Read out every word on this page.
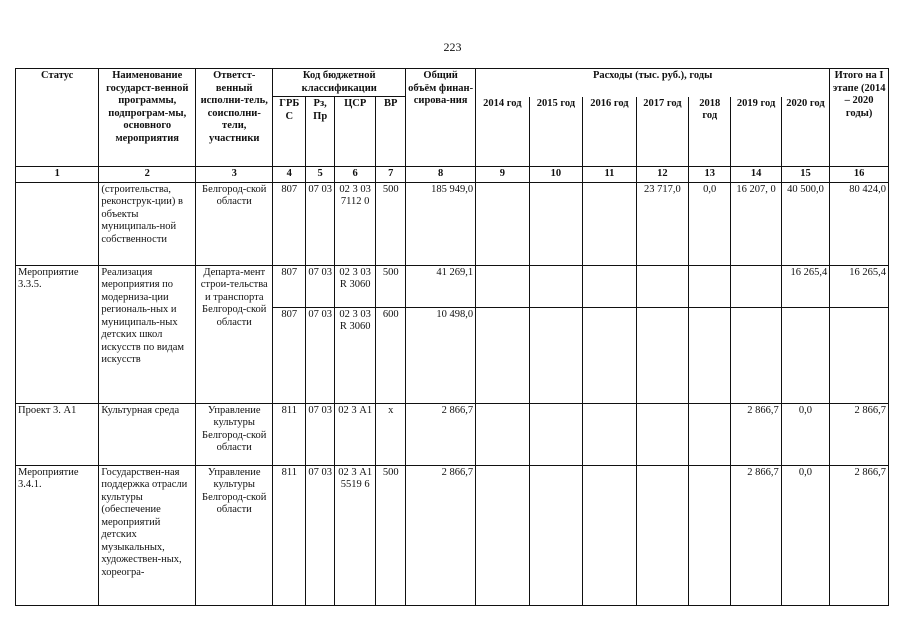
223
Статус	Наименование государст-венной программы, подпрограм-мы, основного мероприятия	Ответст-венный исполни-тель, соисполни-тели, участники	Код бюджетной классификации				Общий объём финан-сирова-ния	Расходы (тыс. руб.), годы							Итого на I этапе (2014 – 2020 годы)
			ГРБ С	Рз, Пр	ЦСР	ВР		2014 год	2015 год	2016 год	2017 год	2018 год	2019 год	2020 год	
1	2	3	4	5	6	7	8	9	10	11	12	13	14	15	16
	(строительства, реконструк-ции) в объекты муниципаль-ной собственности	Белгород-ской области	807	07 03	02 3 03 7112 0	500	185 949,0				23 717,0	0,0	16 207, 0	40 500,0	80 424,0
Мероприятие 3.3.5.	Реализация мероприятия по модерниза-ции региональ-ных и муниципаль-ных детских школ искусств по видам искусств	Департа-мент строи-тельства и транспорта Белгород-ской области	807	07 03	02 3 03 R 3060	500	41 269,1							16 265,4	16 265,4
			807	07 03	02 3 03 R 3060	600	10 498,0								
Проект 3. А1	Культурная среда	Управление культуры Белгород-ской области	811	07 03	02 3 А1	х	2 866,7						2 866,7	0,0	2 866,7
Мероприятие 3.4.1.	Государствен-ная поддержка отрасли культуры (обеспечение мероприятий детских музыкальных, художествен-ных, хореогра-	Управление культуры Белгород-ской области	811	07 03	02 3 А1 5519 6	500	2 866,7						2 866,7	0,0	2 866,7
